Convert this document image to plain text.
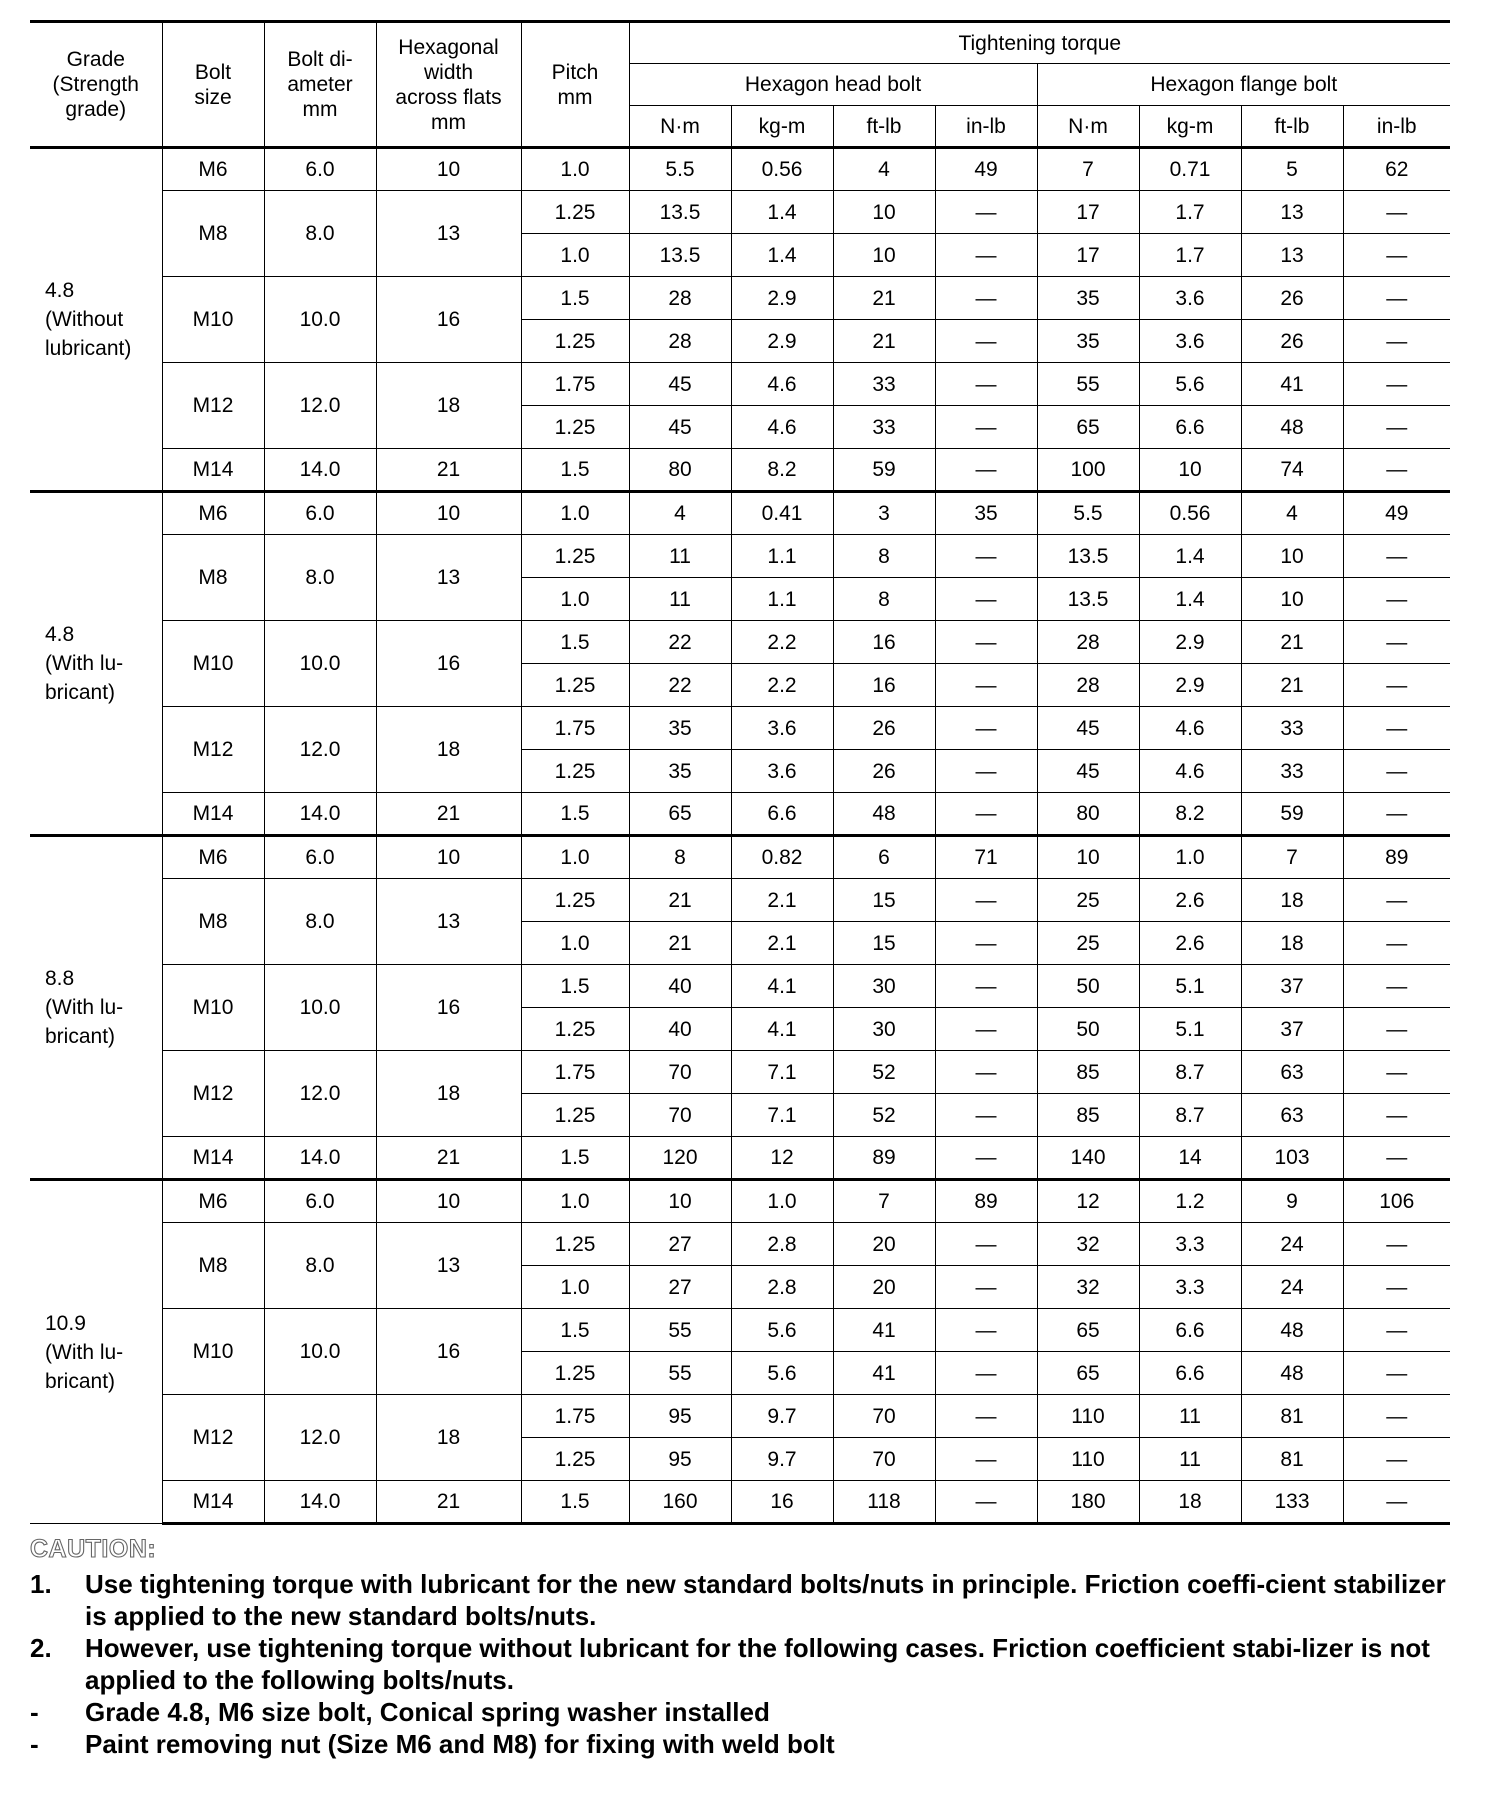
Grade
(Strength
grade)	Bolt
size	Bolt di-
ameter
mm	Hexagonal
width
across flats
mm	Pitch
mm	Tightening torque							
					Hexagon head bolt				Hexagon flange bolt			
					N·m	kg-m	ft-lb	in-lb	N·m	kg-m	ft-lb	in-lb

4.8
(Without
lubricant)	M6	6.0	10	1.0	5.5	0.56	4	49	7	0.71	5	62
	M8	8.0	13	1.25	13.5	1.4	10	—	17	1.7	13	—
				1.0	13.5	1.4	10	—	17	1.7	13	—
	M10	10.0	16	1.5	28	2.9	21	—	35	3.6	26	—
				1.25	28	2.9	21	—	35	3.6	26	—
	M12	12.0	18	1.75	45	4.6	33	—	55	5.6	41	—
				1.25	45	4.6	33	—	65	6.6	48	—
	M14	14.0	21	1.5	80	8.2	59	—	100	10	74	—

4.8
(With lu-
bricant)	M6	6.0	10	1.0	4	0.41	3	35	5.5	0.56	4	49
	M8	8.0	13	1.25	11	1.1	8	—	13.5	1.4	10	—
				1.0	11	1.1	8	—	13.5	1.4	10	—
	M10	10.0	16	1.5	22	2.2	16	—	28	2.9	21	—
				1.25	22	2.2	16	—	28	2.9	21	—
	M12	12.0	18	1.75	35	3.6	26	—	45	4.6	33	—
				1.25	35	3.6	26	—	45	4.6	33	—
	M14	14.0	21	1.5	65	6.6	48	—	80	8.2	59	—

8.8
(With lu-
bricant)	M6	6.0	10	1.0	8	0.82	6	71	10	1.0	7	89
	M8	8.0	13	1.25	21	2.1	15	—	25	2.6	18	—
				1.0	21	2.1	15	—	25	2.6	18	—
	M10	10.0	16	1.5	40	4.1	30	—	50	5.1	37	—
				1.25	40	4.1	30	—	50	5.1	37	—
	M12	12.0	18	1.75	70	7.1	52	—	85	8.7	63	—
				1.25	70	7.1	52	—	85	8.7	63	—
	M14	14.0	21	1.5	120	12	89	—	140	14	103	—

10.9
(With lu-
bricant)	M6	6.0	10	1.0	10	1.0	7	89	12	1.2	9	106
	M8	8.0	13	1.25	27	2.8	20	—	32	3.3	24	—
				1.0	27	2.8	20	—	32	3.3	24	—
	M10	10.0	16	1.5	55	5.6	41	—	65	6.6	48	—
				1.25	55	5.6	41	—	65	6.6	48	—
	M12	12.0	18	1.75	95	9.7	70	—	110	11	81	—
				1.25	95	9.7	70	—	110	11	81	—
	M14	14.0	21	1.5	160	16	118	—	180	18	133	—
CAUTION:
1.	Use tightening torque with lubricant for the new standard bolts/nuts in principle. Friction coeffi-cient stabilizer is applied to the new standard bolts/nuts.
2.	However, use tightening torque without lubricant for the following cases. Friction coefficient stabi-lizer is not applied to the following bolts/nuts.
-	Grade 4.8, M6 size bolt, Conical spring washer installed
-	Paint removing nut (Size M6 and M8) for fixing with weld bolt
